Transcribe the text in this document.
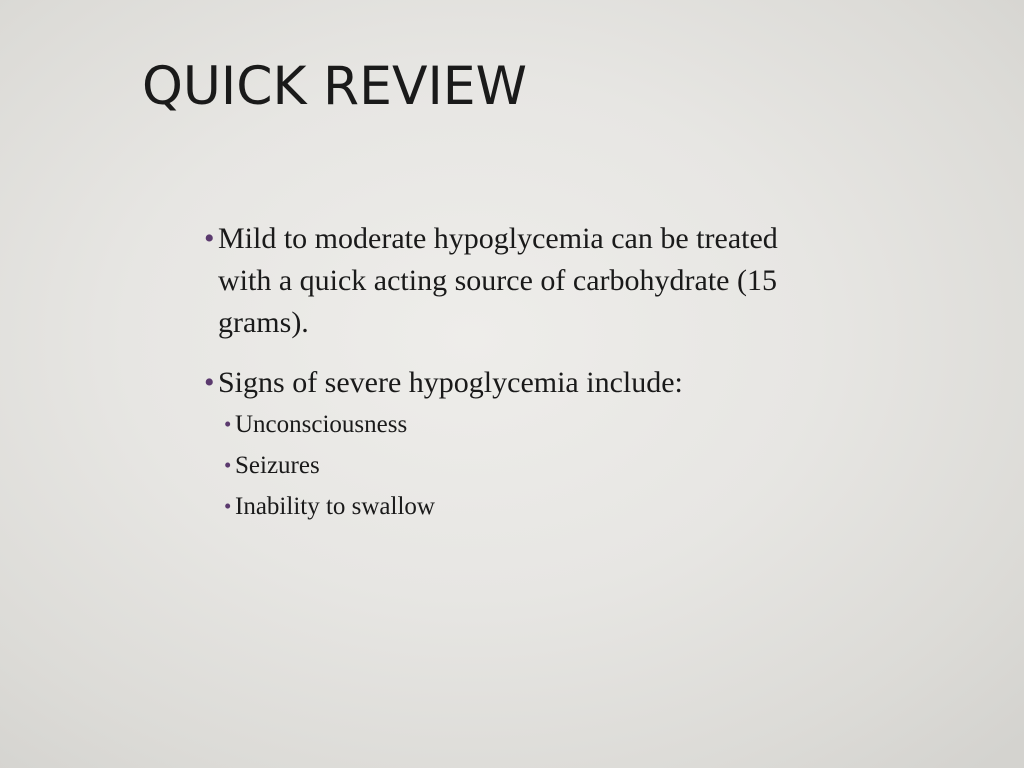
QUICK REVIEW
• Mild to moderate hypoglycemia can be treated with a quick acting source of carbohydrate (15 grams).
• Signs of severe hypoglycemia include:
• Unconsciousness
• Seizures
• Inability to swallow
